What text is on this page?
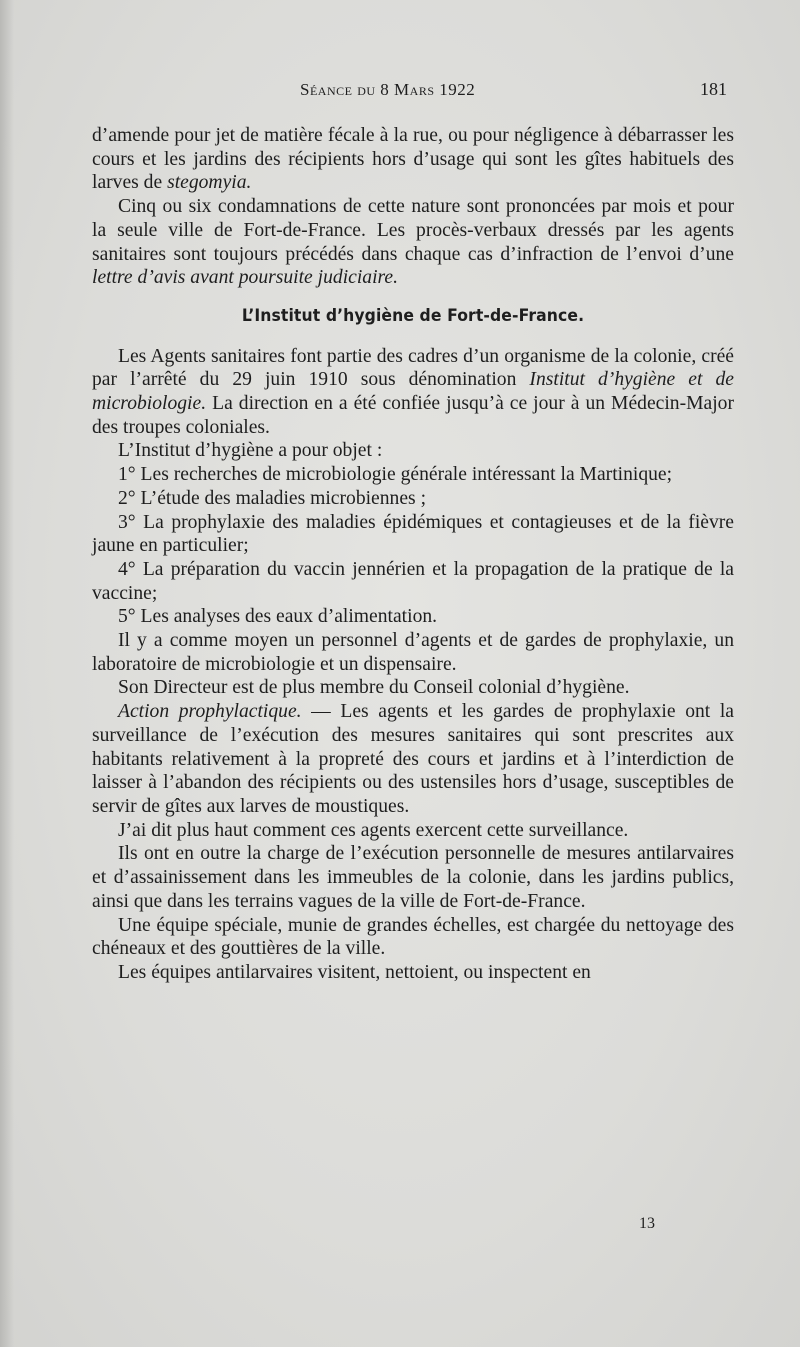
Séance du 8 Mars 1922	181

d’amende pour jet de matière fécale à la rue, ou pour négligence à débarrasser les cours et les jardins des récipients hors d’usage qui sont les gîtes habituels des larves de stegomyia.

Cinq ou six condamnations de cette nature sont prononcées par mois et pour la seule ville de Fort-de-France. Les procès-verbaux dressés par les agents sanitaires sont toujours précédés dans chaque cas d’infraction de l’envoi d’une lettre d’avis avant poursuite judiciaire.

L’Institut d’hygiène de Fort-de-France.

Les Agents sanitaires font partie des cadres d’un organisme de la colonie, créé par l’arrêté du 29 juin 1910 sous dénomination Institut d’hygiène et de microbiologie. La direction en a été confiée jusqu’à ce jour à un Médecin-Major des troupes coloniales.

L’Institut d’hygiène a pour objet :

1° Les recherches de microbiologie générale intéressant la Martinique;

2° L’étude des maladies microbiennes ;

3° La prophylaxie des maladies épidémiques et contagieuses et de la fièvre jaune en particulier;

4° La préparation du vaccin jennérien et la propagation de la pratique de la vaccine;

5° Les analyses des eaux d’alimentation.

Il y a comme moyen un personnel d’agents et de gardes de prophylaxie, un laboratoire de microbiologie et un dispensaire.

Son Directeur est de plus membre du Conseil colonial d’hygiène.

Action prophylactique. — Les agents et les gardes de prophylaxie ont la surveillance de l’exécution des mesures sanitaires qui sont prescrites aux habitants relativement à la propreté des cours et jardins et à l’interdiction de laisser à l’abandon des récipients ou des ustensiles hors d’usage, susceptibles de servir de gîtes aux larves de moustiques.

J’ai dit plus haut comment ces agents exercent cette surveillance.

Ils ont en outre la charge de l’exécution personnelle de mesures antilarvaires et d’assainissement dans les immeubles de la colonie, dans les jardins publics, ainsi que dans les terrains vagues de la ville de Fort-de-France.

Une équipe spéciale, munie de grandes échelles, est chargée du nettoyage des chéneaux et des gouttières de la ville.

Les équipes antilarvaires visitent, nettoient, ou inspectent en

13
